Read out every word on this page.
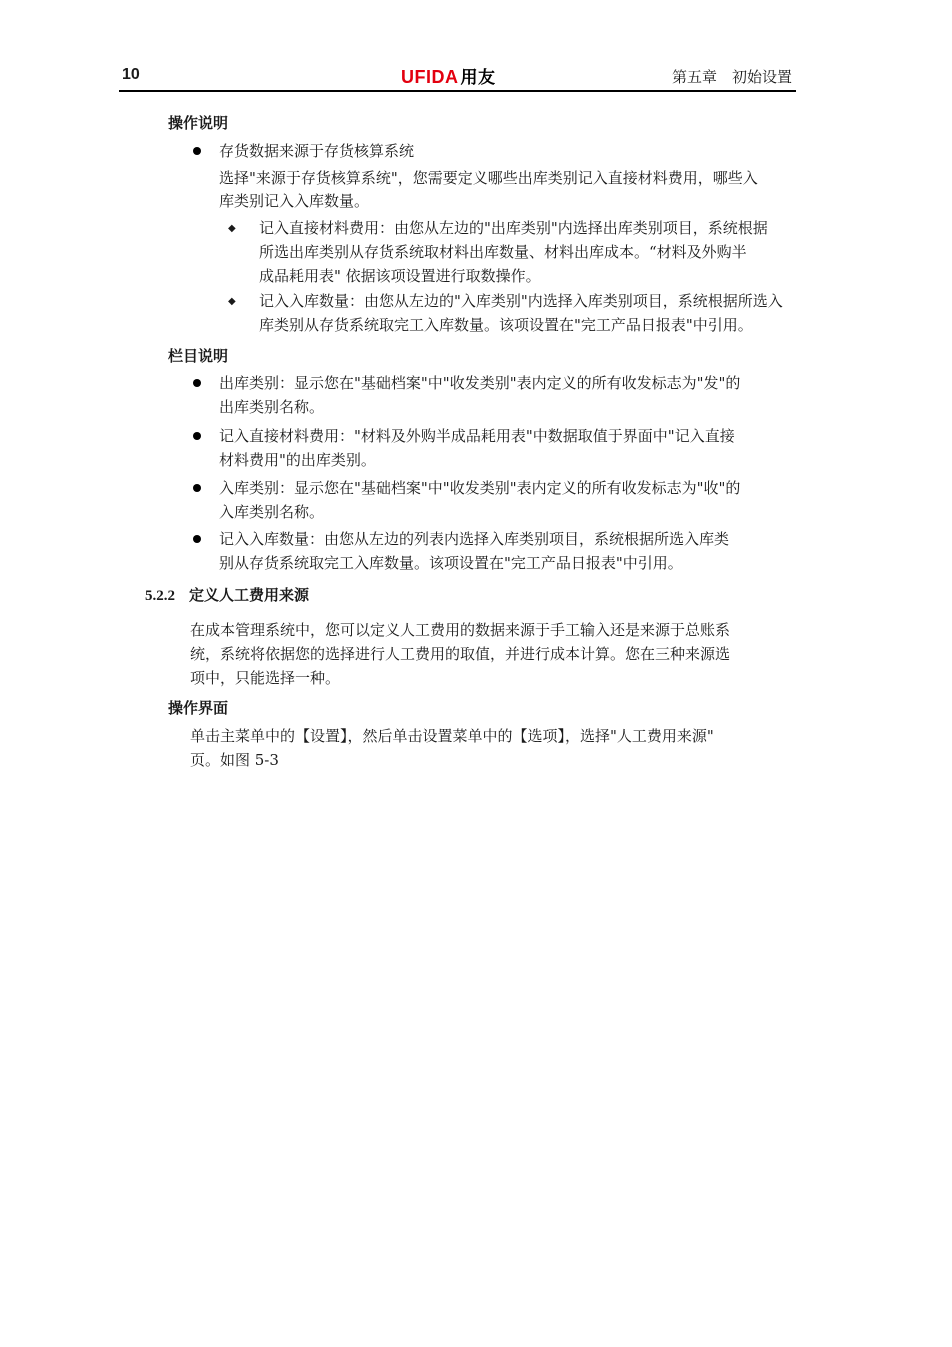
10	UFIDA 用友	第五章　初始设置
操作说明
存货数据来源于存货核算系统
选择"来源于存货核算系统"，您需要定义哪些出库类别记入直接材料费用，哪些入
库类别记入入库数量。
◆ 记入直接材料费用：由您从左边的"出库类别"内选择出库类别项目，系统根据
所选出库类别从存货系统取材料出库数量、材料出库成本。“材料及外购半
成品耗用表" 依据该项设置进行取数操作。
◆ 记入入库数量：由您从左边的"入库类别"内选择入库类别项目，系统根据所选入
库类别从存货系统取完工入库数量。该项设置在"完工产品日报表"中引用。
栏目说明
出库类别：显示您在"基础档案"中"收发类别"表内定义的所有收发标志为"发"的
出库类别名称。
记入直接材料费用："材料及外购半成品耗用表"中数据取值于界面中"记入直接
材料费用"的出库类别。
入库类别：显示您在"基础档案"中"收发类别"表内定义的所有收发标志为"收"的
入库类别名称。
记入入库数量：由您从左边的列表内选择入库类别项目，系统根据所选入库类
别从存货系统取完工入库数量。该项设置在"完工产品日报表"中引用。
5.2.2 定义人工费用来源
在成本管理系统中，您可以定义人工费用的数据来源于手工输入还是来源于总账系
统，系统将依据您的选择进行人工费用的取值，并进行成本计算。您在三种来源选
项中，只能选择一种。
操作界面
单击主菜单中的【设置】，然后单击设置菜单中的【选项】，选择"人工费用来源"
页。如图 5-3
